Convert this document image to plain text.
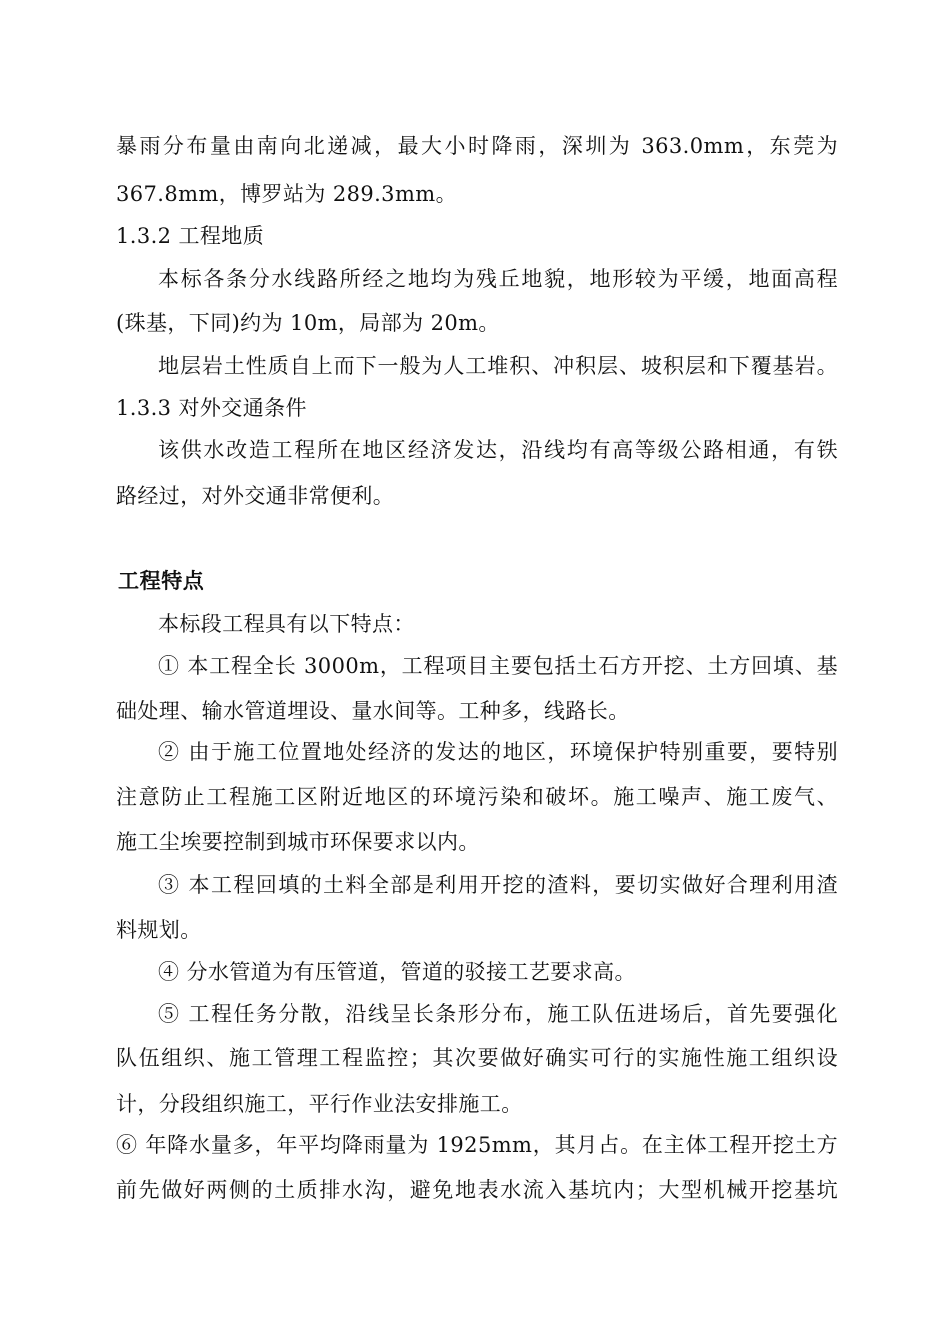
暴雨分布量由南向北递减，最大小时降雨，深圳为 363.0mm，东莞为
367.8mm，博罗站为 289.3mm。
1.3.2 工程地质
本标各条分水线路所经之地均为残丘地貌，地形较为平缓，地面高程
(珠基，下同)约为 10m，局部为 20m。
地层岩土性质自上而下一般为人工堆积、冲积层、坡积层和下覆基岩。
1.3.3 对外交通条件
该供水改造工程所在地区经济发达，沿线均有高等级公路相通，有铁
路经过，对外交通非常便利。
工程特点
本标段工程具有以下特点：
① 本工程全长 3000m，工程项目主要包括土石方开挖、土方回填、基
础处理、输水管道埋设、量水间等。工种多，线路长。
② 由于施工位置地处经济的发达的地区，环境保护特别重要，要特别
注意防止工程施工区附近地区的环境污染和破坏。施工噪声、施工废气、
施工尘埃要控制到城市环保要求以内。
③ 本工程回填的土料全部是利用开挖的渣料，要切实做好合理利用渣
料规划。
④ 分水管道为有压管道，管道的驳接工艺要求高。
⑤ 工程任务分散，沿线呈长条形分布，施工队伍进场后，首先要强化
队伍组织、施工管理工程监控；其次要做好确实可行的实施性施工组织设
计，分段组织施工，平行作业法安排施工。
⑥ 年降水量多，年平均降雨量为 1925mm，其月占。在主体工程开挖土方
前先做好两侧的土质排水沟，避免地表水流入基坑内；大型机械开挖基坑
